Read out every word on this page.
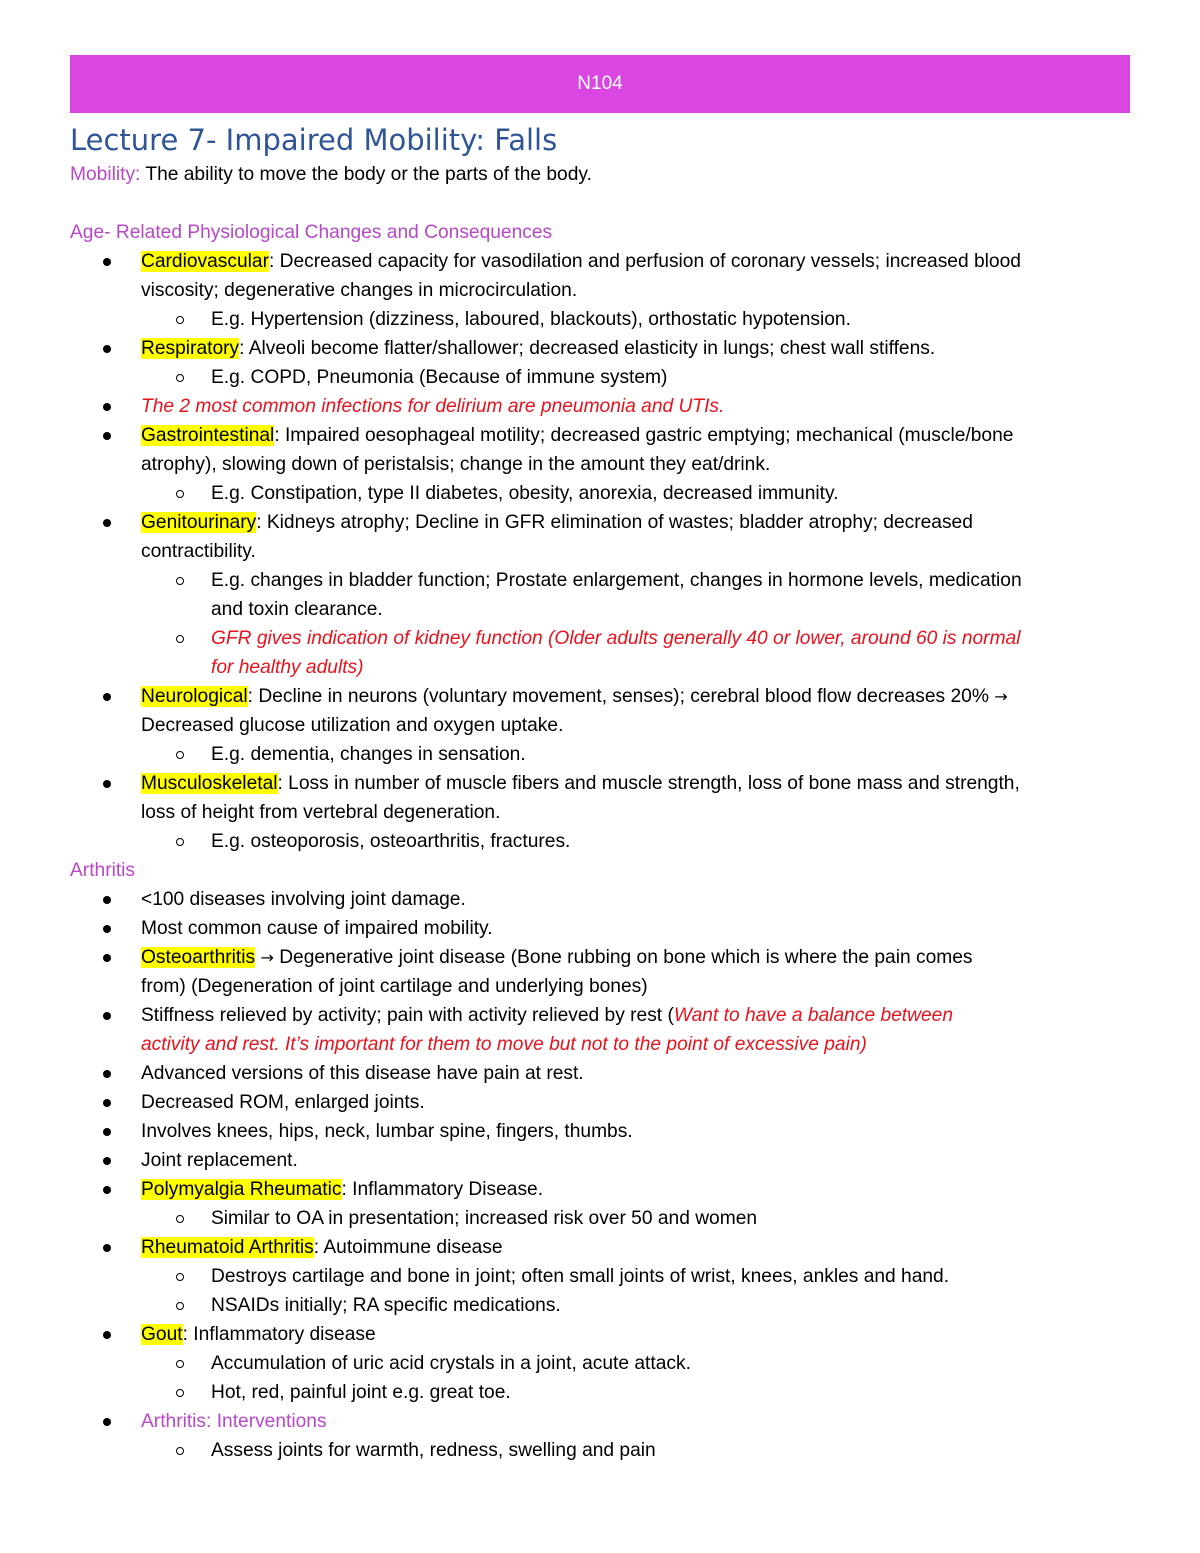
N104
Lecture 7- Impaired Mobility: Falls
Mobility: The ability to move the body or the parts of the body.
Age- Related Physiological Changes and Consequences
Cardiovascular: Decreased capacity for vasodilation and perfusion of coronary vessels; increased blood
viscosity; degenerative changes in microcirculation.
E.g. Hypertension (dizziness, laboured, blackouts), orthostatic hypotension.
Respiratory: Alveoli become flatter/shallower; decreased elasticity in lungs; chest wall stiffens.
E.g. COPD, Pneumonia (Because of immune system)
The 2 most common infections for delirium are pneumonia and UTIs.
Gastrointestinal: Impaired oesophageal motility; decreased gastric emptying; mechanical (muscle/bone
atrophy), slowing down of peristalsis; change in the amount they eat/drink.
E.g. Constipation, type II diabetes, obesity, anorexia, decreased immunity.
Genitourinary: Kidneys atrophy; Decline in GFR elimination of wastes; bladder atrophy; decreased
contractibility.
E.g. changes in bladder function; Prostate enlargement, changes in hormone levels, medication
and toxin clearance.
GFR gives indication of kidney function (Older adults generally 40 or lower, around 60 is normal
for healthy adults)
Neurological: Decline in neurons (voluntary movement, senses); cerebral blood flow decreases 20% →
Decreased glucose utilization and oxygen uptake.
E.g. dementia, changes in sensation.
Musculoskeletal: Loss in number of muscle fibers and muscle strength, loss of bone mass and strength,
loss of height from vertebral degeneration.
E.g. osteoporosis, osteoarthritis, fractures.
Arthritis
<100 diseases involving joint damage.
Most common cause of impaired mobility.
Osteoarthritis → Degenerative joint disease (Bone rubbing on bone which is where the pain comes
from) (Degeneration of joint cartilage and underlying bones)
Stiffness relieved by activity; pain with activity relieved by rest (Want to have a balance between
activity and rest. It’s important for them to move but not to the point of excessive pain)
Advanced versions of this disease have pain at rest.
Decreased ROM, enlarged joints.
Involves knees, hips, neck, lumbar spine, fingers, thumbs.
Joint replacement.
Polymyalgia Rheumatic: Inflammatory Disease.
Similar to OA in presentation; increased risk over 50 and women
Rheumatoid Arthritis: Autoimmune disease
Destroys cartilage and bone in joint; often small joints of wrist, knees, ankles and hand.
NSAIDs initially; RA specific medications.
Gout: Inflammatory disease
Accumulation of uric acid crystals in a joint, acute attack.
Hot, red, painful joint e.g. great toe.
Arthritis: Interventions
Assess joints for warmth, redness, swelling and pain
